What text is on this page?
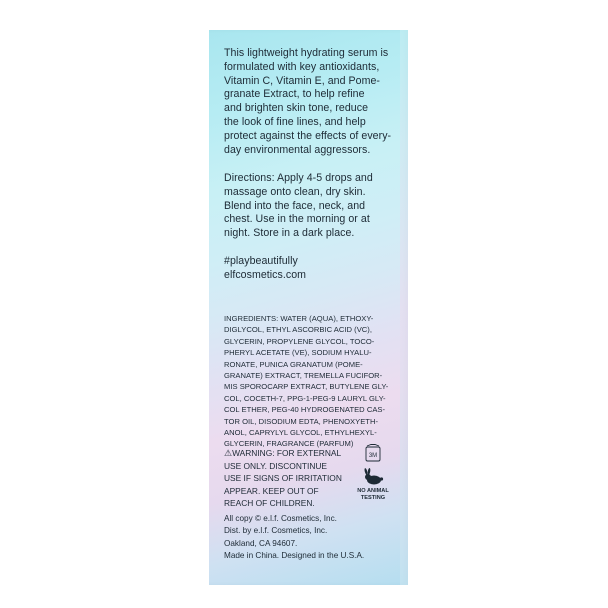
This lightweight hydrating serum is
formulated with key antioxidants,
Vitamin C, Vitamin E, and Pome-
granate Extract, to help refine
and brighten skin tone, reduce
the look of fine lines, and help
protect against the effects of every-
day environmental aggressors.

Directions: Apply 4-5 drops and
massage onto clean, dry skin.
Blend into the face, neck, and
chest. Use in the morning or at
night. Store in a dark place.

#playbeautifully
elfcosmetics.com

INGREDIENTS: WATER (AQUA), ETHOXY-
DIGLYCOL, ETHYL ASCORBIC ACID (VC),
GLYCERIN, PROPYLENE GLYCOL, TOCO-
PHERYL ACETATE (VE), SODIUM HYALU-
RONATE, PUNICA GRANATUM (POME-
GRANATE) EXTRACT, TREMELLA FUCIFOR-
MIS SPOROCARP EXTRACT, BUTYLENE GLY-
COL, COCETH-7, PPG-1-PEG-9 LAURYL GLY-
COL ETHER, PEG-40 HYDROGENATED CAS-
TOR OIL, DISODIUM EDTA, PHENOXYETH-
ANOL, CAPRYLYL GLYCOL, ETHYLHEXYL-
GLYCERIN, FRAGRANCE (PARFUM)

⚠WARNING: FOR EXTERNAL
USE ONLY. DISCONTINUE
USE IF SIGNS OF IRRITATION
APPEAR. KEEP OUT OF
REACH OF CHILDREN.

3M

NO ANIMAL
TESTING

All copy © e.l.f. Cosmetics, Inc.
Dist. by e.l.f. Cosmetics, Inc.
Oakland, CA 94607.
Made in China. Designed in the U.S.A.
